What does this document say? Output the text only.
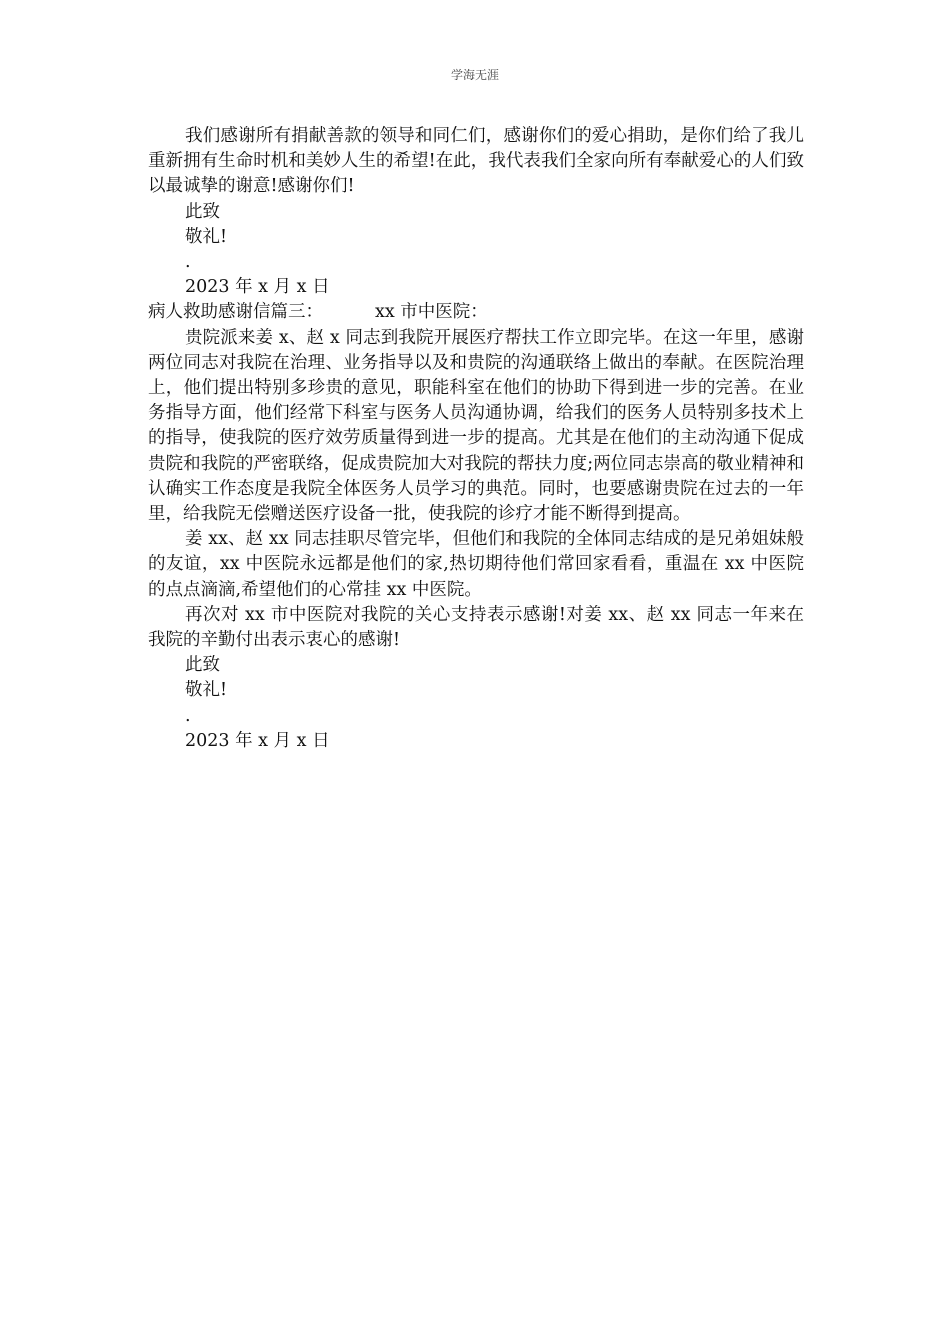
学海无涯

我们感谢所有捐献善款的领导和同仁们，感谢你们的爱心捐助，是你们给了我儿重新拥有生命时机和美妙人生的希望!在此，我代表我们全家向所有奉献爱心的人们致以最诚挚的谢意!感谢你们!

此致

敬礼!

.

2023 年 x 月 x 日

病人救助感谢信篇三：	xx 市中医院：

贵院派来姜 x、赵 x 同志到我院开展医疗帮扶工作立即完毕。在这一年里，感谢两位同志对我院在治理、业务指导以及和贵院的沟通联络上做出的奉献。在医院治理上，他们提出特别多珍贵的意见，职能科室在他们的协助下得到进一步的完善。在业务指导方面，他们经常下科室与医务人员沟通协调，给我们的医务人员特别多技术上的指导，使我院的医疗效劳质量得到进一步的提高。尤其是在他们的主动沟通下促成贵院和我院的严密联络，促成贵院加大对我院的帮扶力度;两位同志崇高的敬业精神和认确实工作态度是我院全体医务人员学习的典范。同时，也要感谢贵院在过去的一年里，给我院无偿赠送医疗设备一批，使我院的诊疗才能不断得到提高。

姜 xx、赵 xx 同志挂职尽管完毕，但他们和我院的全体同志结成的是兄弟姐妹般的友谊，xx 中医院永远都是他们的家,热切期待他们常回家看看，重温在 xx 中医院的点点滴滴,希望他们的心常挂 xx 中医院。

再次对 xx 市中医院对我院的关心支持表示感谢!对姜 xx、赵 xx 同志一年来在我院的辛勤付出表示衷心的感谢!

此致

敬礼!

.

2023 年 x 月 x 日
